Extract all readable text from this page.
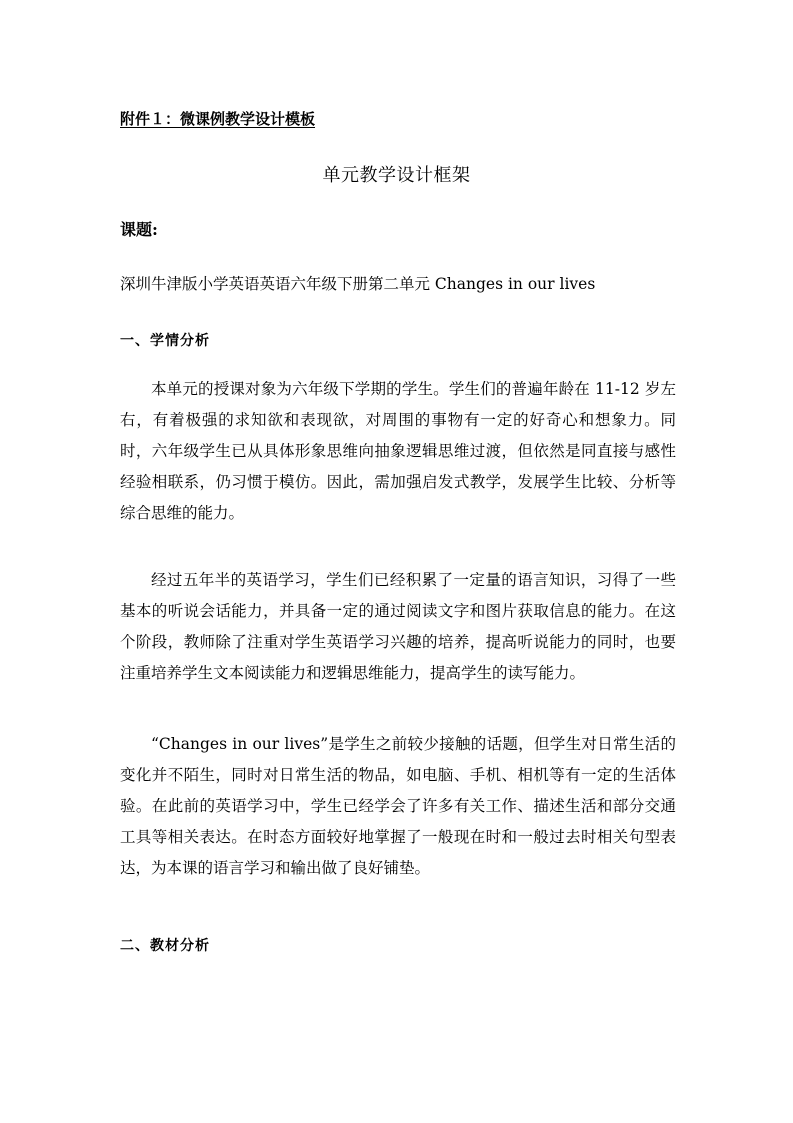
附件１：微课例教学设计模板
单元教学设计框架
课题:
深圳牛津版小学英语英语六年级下册第二单元 Changes in our lives
一、学情分析
本单元的授课对象为六年级下学期的学生。学生们的普遍年龄在 11-12 岁左右，有着极强的求知欲和表现欲，对周围的事物有一定的好奇心和想象力。同时，六年级学生已从具体形象思维向抽象逻辑思维过渡，但依然是同直接与感性经验相联系，仍习惯于模仿。因此，需加强启发式教学，发展学生比较、分析等综合思维的能力。
经过五年半的英语学习，学生们已经积累了一定量的语言知识，习得了一些基本的听说会话能力，并具备一定的通过阅读文字和图片获取信息的能力。在这个阶段，教师除了注重对学生英语学习兴趣的培养，提高听说能力的同时，也要注重培养学生文本阅读能力和逻辑思维能力，提高学生的读写能力。
“Changes in our lives”是学生之前较少接触的话题，但学生对日常生活的变化并不陌生，同时对日常生活的物品，如电脑、手机、相机等有一定的生活体验。在此前的英语学习中，学生已经学会了许多有关工作、描述生活和部分交通工具等相关表达。在时态方面较好地掌握了一般现在时和一般过去时相关句型表达，为本课的语言学习和输出做了良好铺垫。
二、教材分析
